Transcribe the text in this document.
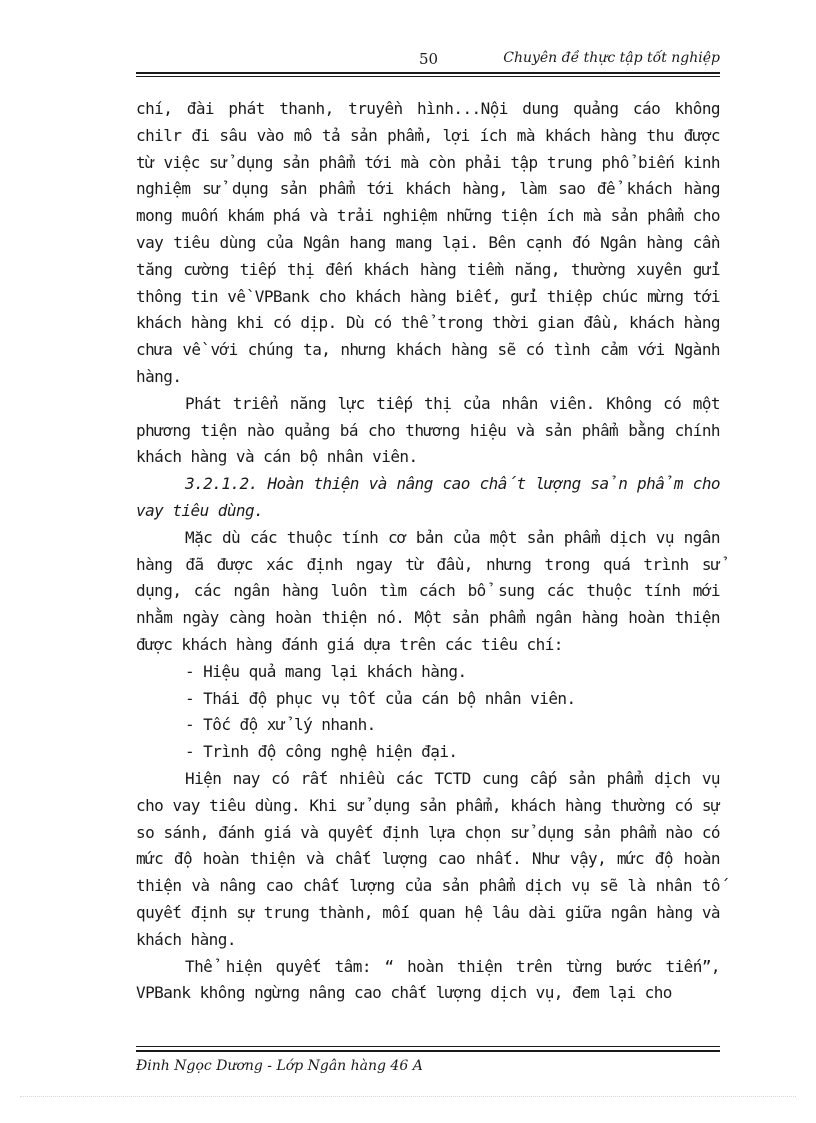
50	Chuyên đề thực tập tốt nghiệp

chí, đài phát thanh, truyền hình...Nội dung quảng cáo không chilr đi sâu vào mô tả sản phẩm, lợi ích mà khách hàng thu được từ việc sử dụng sản phẩm tới mà còn phải tập trung phổ biến kinh nghiệm sử dụng sản phẩm tới khách hàng, làm sao để khách hàng mong muốn khám phá và trải nghiệm những tiện ích mà sản phẩm cho vay tiêu dùng của Ngân hang mang lại. Bên cạnh đó Ngân hàng cần tăng cường tiếp thị đến khách hàng tiềm năng, thường xuyên gửi thông tin về VPBank cho khách hàng biết, gửi thiệp chúc mừng tới khách hàng khi có dịp. Dù có thể trong thời gian đầu, khách hàng chưa về với chúng ta, nhưng khách hàng sẽ có tình cảm với Ngành hàng.

Phát triển năng lực tiếp thị của nhân viên. Không có một phương tiện nào quảng bá cho thương hiệu và sản phẩm bằng chính khách hàng và cán bộ nhân viên.

3.2.1.2. Hoàn thiện và nâng cao chất lượng sản phẩm cho vay tiêu dùng.

Mặc dù các thuộc tính cơ bản của một sản phẩm dịch vụ ngân hàng đã được xác định ngay từ đầu, nhưng trong quá trình sử dụng, các ngân hàng luôn tìm cách bổ sung các thuộc tính mới nhằm ngày càng hoàn thiện nó. Một sản phẩm ngân hàng hoàn thiện được khách hàng đánh giá dựa trên các tiêu chí:

- Hiệu quả mang lại khách hàng.

- Thái độ phục vụ tốt của cán bộ nhân viên.

- Tốc độ xử lý nhanh.

- Trình độ công nghệ hiện đại.

Hiện nay có rất nhiều các TCTD cung cấp sản phẩm dịch vụ cho vay tiêu dùng. Khi sử dụng sản phẩm, khách hàng thường có sự so sánh, đánh giá và quyết định lựa chọn sử dụng sản phẩm nào có mức độ hoàn thiện và chất lượng cao nhất. Như vậy, mức độ hoàn thiện và nâng cao chất lượng của sản phẩm dịch vụ sẽ là nhân tố quyết định sự trung thành, mối quan hệ lâu dài giữa ngân hàng và khách hàng.

Thể hiện quyết tâm: “ hoàn thiện trên từng bước tiến”, VPBank không ngừng nâng cao chất lượng dịch vụ, đem lại cho

Đinh Ngọc Dương - Lớp Ngân hàng 46 A
